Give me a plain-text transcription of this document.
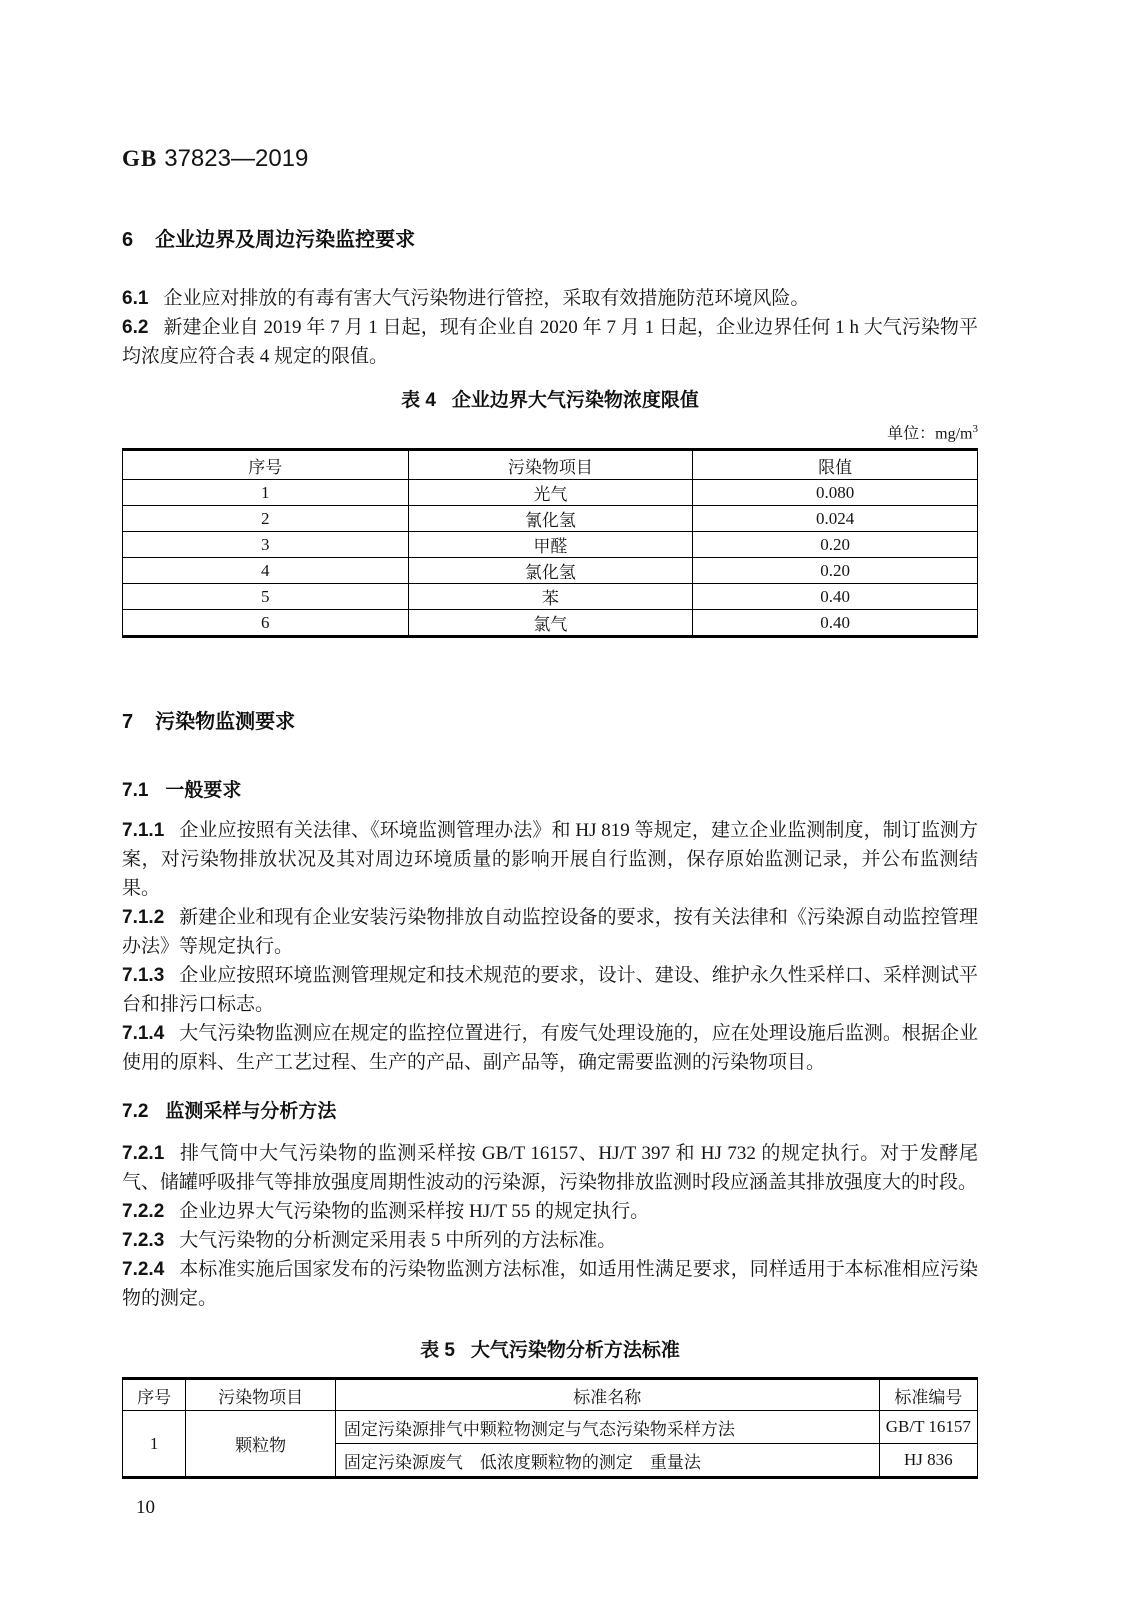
GB 37823—2019
6 企业边界及周边污染监控要求

6.1 企业应对排放的有毒有害大气污染物进行管控，采取有效措施防范环境风险。

6.2 新建企业自 2019 年 7 月 1 日起，现有企业自 2020 年 7 月 1 日起，企业边界任何 1 h 大气污染物平均浓度应符合表 4 规定的限值。

表 4 企业边界大气污染物浓度限值

单位：$mg/m^3$
序号	污染物项目	限值
1	光气	0.080
2	氰化氢	0.024
3	甲醛	0.20
4	氯化氢	0.20
5	苯	0.40
6	氯气	0.40
7 污染物监测要求
7.1 一般要求

7.1.1 企业应按照有关法律、《环境监测管理办法》和 HJ 819 等规定，建立企业监测制度，制订监测方案，对污染物排放状况及其对周边环境质量的影响开展自行监测，保存原始监测记录，并公布监测结果。

7.1.2 新建企业和现有企业安装污染物排放自动监控设备的要求，按有关法律和《污染源自动监控管理办法》等规定执行。

7.1.3 企业应按照环境监测管理规定和技术规范的要求，设计、建设、维护永久性采样口、采样测试平台和排污口标志。

7.1.4 大气污染物监测应在规定的监控位置进行，有废气处理设施的，应在处理设施后监测。根据企业使用的原料、生产工艺过程、生产的产品、副产品等，确定需要监测的污染物项目。

7.2 监测采样与分析方法

7.2.1 排气筒中大气污染物的监测采样按 GB/T 16157、HJ/T 397 和 HJ 732 的规定执行。对于发酵尾气、储罐呼吸排气等排放强度周期性波动的污染源，污染物排放监测时段应涵盖其排放强度大的时段。

7.2.2 企业边界大气污染物的监测采样按 HJ/T 55 的规定执行。

7.2.3 大气污染物的分析测定采用表 5 中所列的方法标准。

7.2.4 本标准实施后国家发布的污染物监测方法标准，如适用性满足要求，同样适用于本标准相应污染物的测定。

表 5 大气污染物分析方法标准

序号	污染物项目	标准名称	标准编号
1	颗粒物	固定污染源排气中颗粒物测定与气态污染物采样方法	GB/T 16157
		固定污染源废气　低浓度颗粒物的测定　重量法	HJ 836
10
